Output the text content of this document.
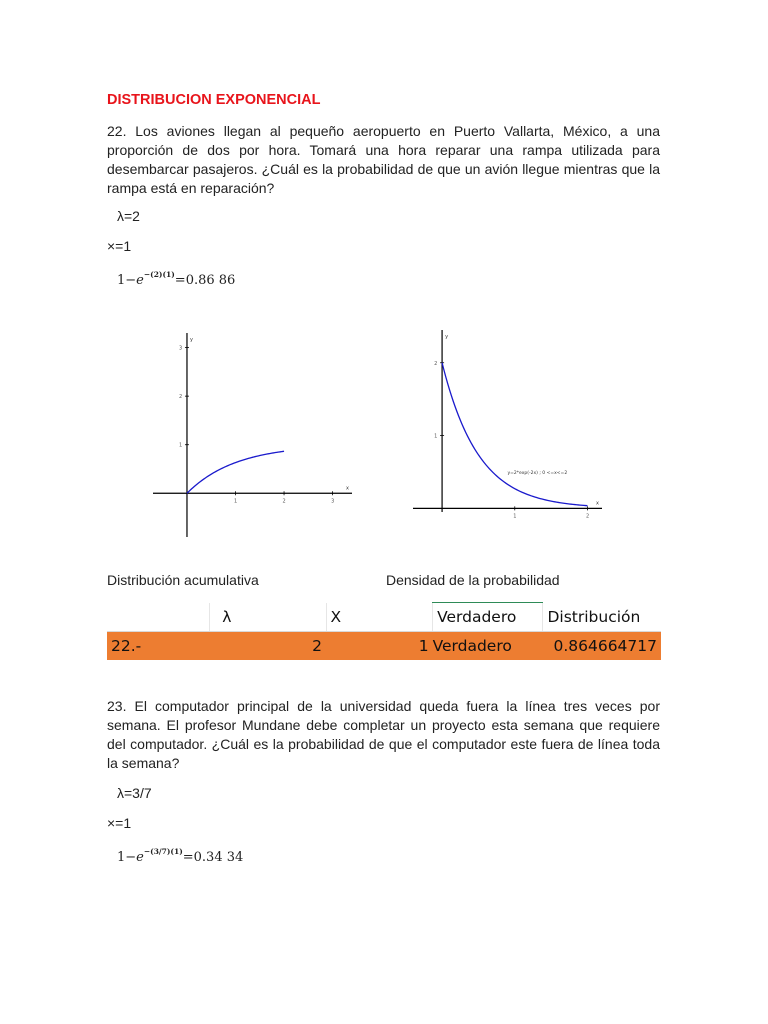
DISTRIBUCION EXPONENCIAL
22. Los aviones llegan al pequeño aeropuerto en Puerto Vallarta, México, a una proporción de dos por hora. Tomará una hora reparar una rampa utilizada para desembarcar pasajeros. ¿Cuál es la probabilidad de que un avión llegue mientras que la rampa está en reparación?
λ=2
×=1
$1-e^{-(2)(1)}=0.86$ 86
x
y
1	2	3
1
2
3
x
y
1	2
1
2
y=2*exp(-2x) ; 0 <=x<=2
Distribución acumulativa	Densidad de la probabilidad
	λ	X	Verdadero	Distribución
22.-	2	1	Verdadero	0.864664717
23. El computador principal de la universidad queda fuera la línea tres veces por semana. El profesor Mundane debe completar un proyecto esta semana que requiere del computador. ¿Cuál es la probabilidad de que el computador este fuera de línea toda la semana?
λ=3/7
×=1
$1-e^{-(3/7)(1)}=0.34$ 34
